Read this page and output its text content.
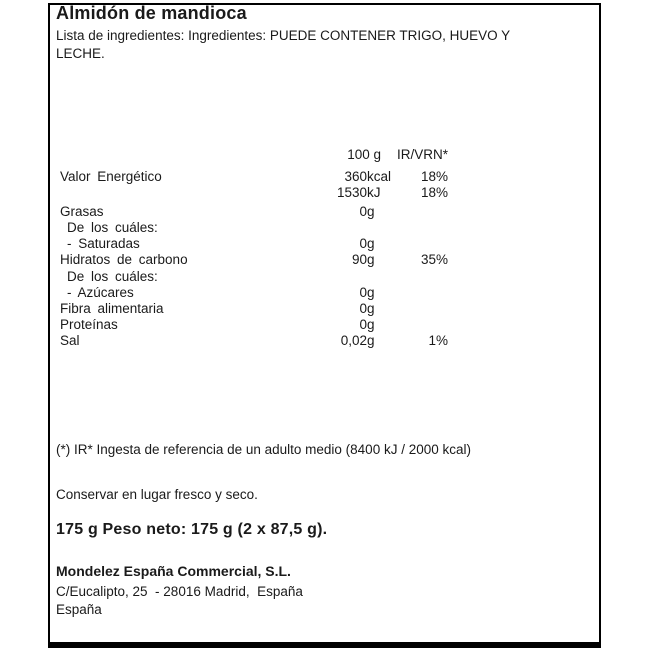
Almidón de mandioca
Lista de ingredientes: Ingredientes: PUEDE CONTENER TRIGO, HUEVO Y LECHE.
100 g	IR/VRN*
Valor Energético	360 kcal	18%
1530 kJ	18%
Grasas	0 g
De los cuáles:
- Saturadas	0 g
Hidratos de carbono	90 g	35%
De los cuáles:
- Azúcares	0 g
Fibra alimentaria	0 g
Proteínas	0 g
Sal	0,02 g	1%
(*) IR* Ingesta de referencia de un adulto medio (8400 kJ / 2000 kcal)
Conservar en lugar fresco y seco.
175 g Peso neto: 175 g (2 x 87,5 g).
Mondelez España Commercial, S.L.
C/Eucalipto, 25  - 28016 Madrid,  España
España
